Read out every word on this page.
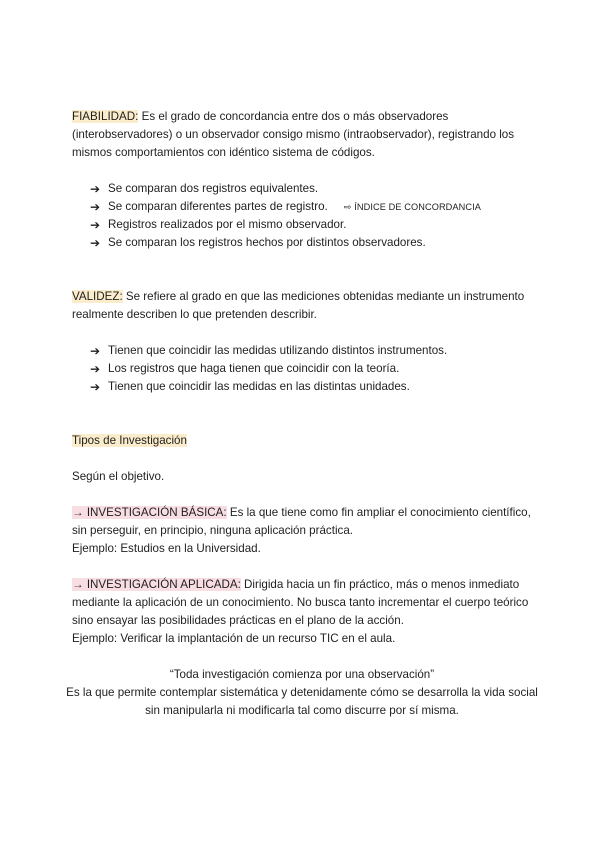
FIABILIDAD: Es el grado de concordancia entre dos o más observadores (interobservadores) o un observador consigo mismo (intraobservador), registrando los mismos comportamientos con idéntico sistema de códigos.

➔ Se comparan dos registros equivalentes.
➔ Se comparan diferentes partes de registro. ⇨ ÍNDICE DE CONCORDANCIA
➔ Registros realizados por el mismo observador.
➔ Se comparan los registros hechos por distintos observadores.

VALIDEZ: Se refiere al grado en que las mediciones obtenidas mediante un instrumento realmente describen lo que pretenden describir.

➔ Tienen que coincidir las medidas utilizando distintos instrumentos.
➔ Los registros que haga tienen que coincidir con la teoría.
➔ Tienen que coincidir las medidas en las distintas unidades.

Tipos de Investigación

Según el objetivo.

→ INVESTIGACIÓN BÁSICA: Es la que tiene como fin ampliar el conocimiento científico, sin perseguir, en principio, ninguna aplicación práctica.

Ejemplo: Estudios en la Universidad.

→ INVESTIGACIÓN APLICADA: Dirigida hacia un fin práctico, más o menos inmediato mediante la aplicación de un conocimiento. No busca tanto incrementar el cuerpo teórico sino ensayar las posibilidades prácticas en el plano de la acción.

Ejemplo: Verificar la implantación de un recurso TIC en el aula.

“Toda investigación comienza por una observación”

Es la que permite contemplar sistemática y detenidamente cómo se desarrolla la vida social sin manipularla ni modificarla tal como discurre por sí misma.
